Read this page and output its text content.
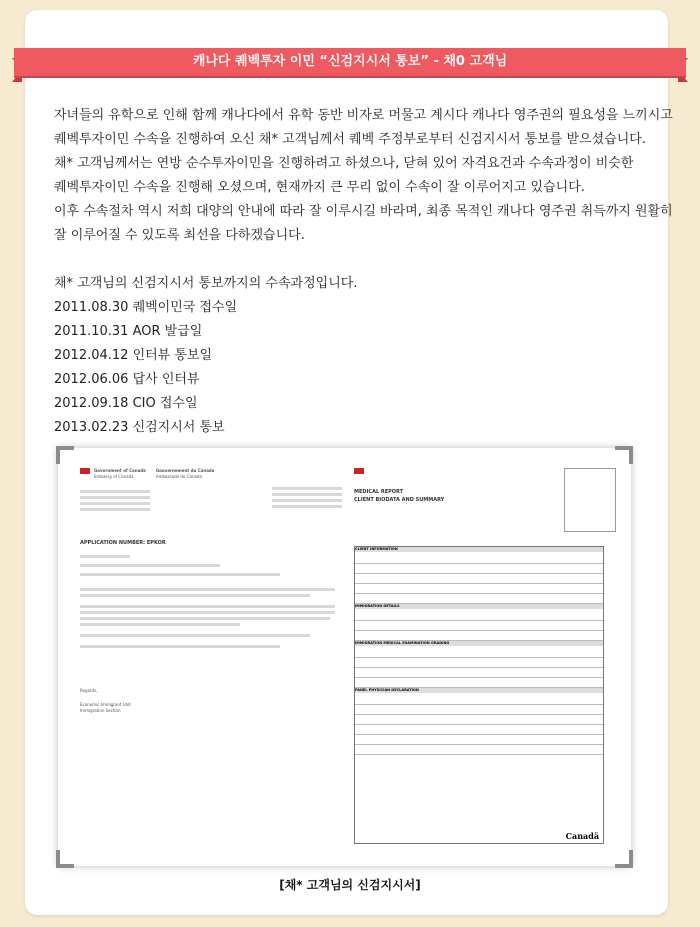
캐나다 퀘벡투자 이민 “신검지시서 통보” - 채0 고객님

자녀들의 유학으로 인해 함께 캐나다에서 유학 동반 비자로 머물고 계시다 캐나다 영주권의 필요성을 느끼시고

퀘벡투자이민 수속을 진행하여 오신 채* 고객님께서 퀘벡 주정부로부터 신검지시서 통보를 받으셨습니다.

채* 고객님께서는 연방 순수투자이민을 진행하려고 하셨으나, 닫혀 있어 자격요건과 수속과정이 비슷한

퀘벡투자이민 수속을 진행해 오셨으며, 현재까지 큰 무리 없이 수속이 잘 이루어지고 있습니다.

이후 수속절차 역시 저희 대양의 안내에 따라 잘 이루시길 바라며, 최종 목적인 캐나다 영주권 취득까지 원활히

잘 이루어질 수 있도록 최선을 다하겠습니다.

채* 고객님의 신검지시서 통보까지의 수속과정입니다.

2011.08.30 퀘벡이민국 접수일

2011.10.31 AOR 발급일

2012.04.12 인터뷰 통보일

2012.06.06 답사 인터뷰

2012.09.18 CIO 접수일

2013.02.23 신검지시서 통보

Government of Canada
Embassy of Canada
Gouvernement du Canada
Ambassade du Canada
APPLICATION NUMBER: EPKOR
Regards,
Economic Immigrant Unit
Immigration Section
MEDICAL REPORT
CLIENT BIODATA AND SUMMARY
CLIENT INFORMATION
IMMIGRATION DETAILS
IMMIGRATION MEDICAL EXAMINATION GRADING
PANEL PHYSICIAN DECLARATION
Canadä
[채* 고객님의 신검지시서]
